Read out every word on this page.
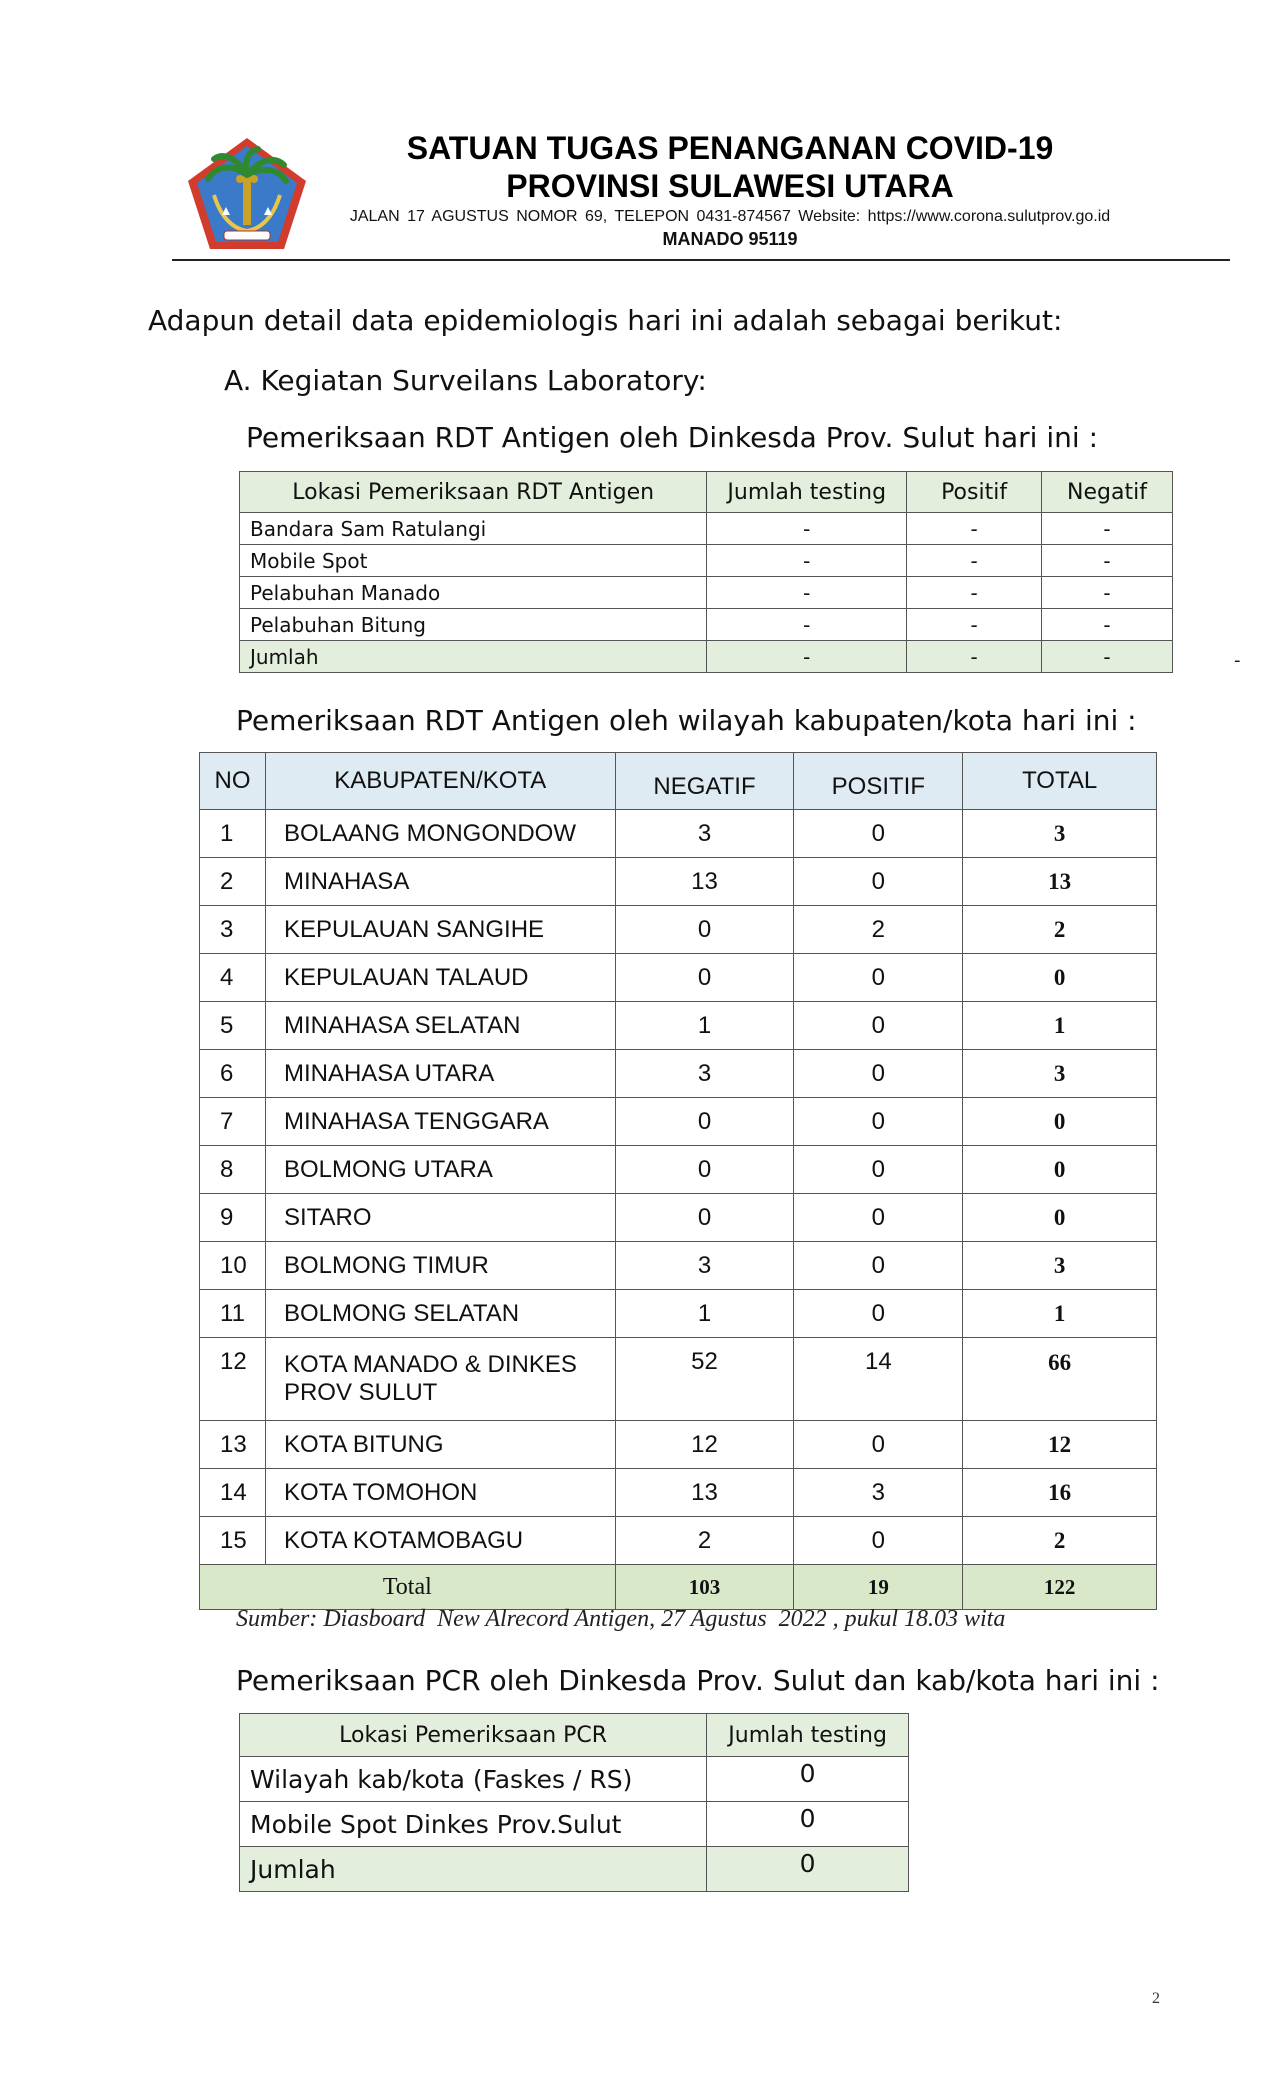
SATUAN TUGAS PENANGANAN COVID-19
PROVINSI SULAWESI UTARA
JALAN 17 AGUSTUS NOMOR 69, TELEPON 0431-874567 Website: https://www.corona.sulutprov.go.id
MANADO 95119
Adapun detail data epidemiologis hari ini adalah sebagai berikut:
A. Kegiatan Surveilans Laboratory:
Pemeriksaan RDT Antigen oleh Dinkesda Prov. Sulut hari ini :
Lokasi Pemeriksaan RDT Antigen	Jumlah testing	Positif	Negatif
Bandara Sam Ratulangi	-	-	-
Mobile Spot	-	-	-
Pelabuhan Manado	-	-	-
Pelabuhan Bitung	-	-	-
Jumlah	-	-	-	-
Pemeriksaan RDT Antigen oleh wilayah kabupaten/kota hari ini :
NO	KABUPATEN/KOTA	NEGATIF	POSITIF	TOTAL
1	BOLAANG MONGONDOW	3	0	3
2	MINAHASA	13	0	13
3	KEPULAUAN SANGIHE	0	2	2
4	KEPULAUAN TALAUD	0	0	0
5	MINAHASA SELATAN	1	0	1
6	MINAHASA UTARA	3	0	3
7	MINAHASA TENGGARA	0	0	0
8	BOLMONG UTARA	0	0	0
9	SITARO	0	0	0
10	BOLMONG TIMUR	3	0	3
11	BOLMONG SELATAN	1	0	1
12	KOTA MANADO & DINKES PROV SULUT	52	14	66
13	KOTA BITUNG	12	0	12
14	KOTA TOMOHON	13	3	16
15	KOTA KOTAMOBAGU	2	0	2
Total		103	19	122
Sumber: Diasboard  New Alrecord Antigen, 27 Agustus  2022 , pukul 18.03 wita
Pemeriksaan PCR oleh Dinkesda Prov. Sulut dan kab/kota hari ini :
Lokasi Pemeriksaan PCR	Jumlah testing
Wilayah kab/kota (Faskes / RS)	0
Mobile Spot Dinkes Prov.Sulut	0
Jumlah	0
2
